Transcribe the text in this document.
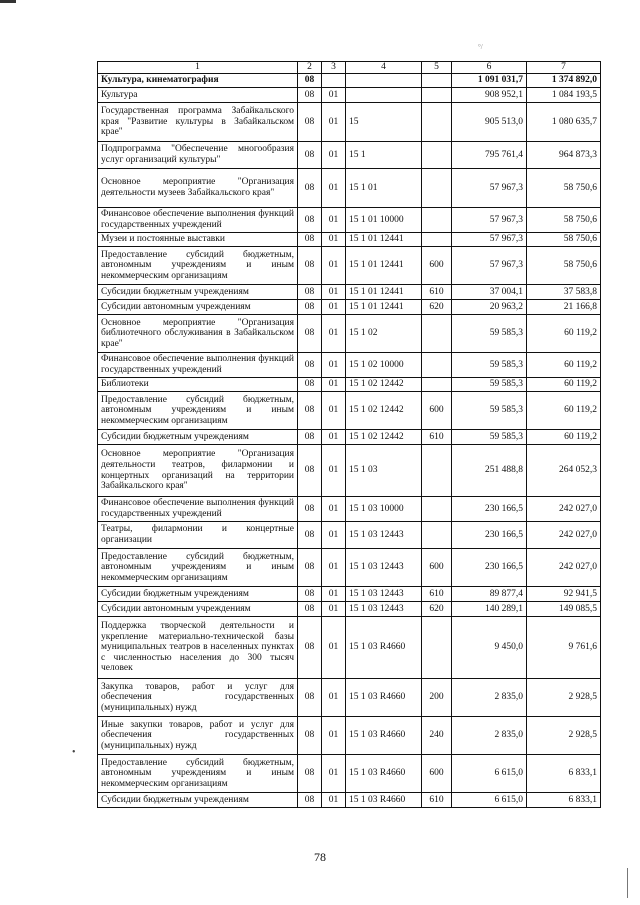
°/
1	2	3	4	5	6	7
Культура, кинематография	08				1 091 031,7	1 374 892,0
Культура	08	01			908 952,1	1 084 193,5
Государственная программа Забайкальского края "Развитие культуры в Забайкальском крае"	08	01	15		905 513,0	1 080 635,7
Подпрограмма "Обеспечение многообразия услуг организаций культуры"	08	01	15 1		795 761,4	964 873,3
Основное мероприятие "Организация деятельности музеев Забайкальского края"	08	01	15 1 01		57 967,3	58 750,6
Финансовое обеспечение выполнения функций государственных учреждений	08	01	15 1 01 10000		57 967,3	58 750,6
Музеи и постоянные выставки	08	01	15 1 01 12441		57 967,3	58 750,6
Предоставление субсидий бюджетным, автономным учреждениям и иным некоммерческим организациям	08	01	15 1 01 12441	600	57 967,3	58 750,6
Субсидии бюджетным учреждениям	08	01	15 1 01 12441	610	37 004,1	37 583,8
Субсидии автономным учреждениям	08	01	15 1 01 12441	620	20 963,2	21 166,8
Основное мероприятие "Организация библиотечного обслуживания в Забайкальском крае"	08	01	15 1 02		59 585,3	60 119,2
Финансовое обеспечение выполнения функций государственных учреждений	08	01	15 1 02 10000		59 585,3	60 119,2
Библиотеки	08	01	15 1 02 12442		59 585,3	60 119,2
Предоставление субсидий бюджетным, автономным учреждениям и иным некоммерческим организациям	08	01	15 1 02 12442	600	59 585,3	60 119,2
Субсидии бюджетным учреждениям	08	01	15 1 02 12442	610	59 585,3	60 119,2
Основное мероприятие "Организация деятельности театров, филармонии и концертных организаций на территории Забайкальского края"	08	01	15 1 03		251 488,8	264 052,3
Финансовое обеспечение выполнения функций государственных учреждений	08	01	15 1 03 10000		230 166,5	242 027,0
Театры, филармонии и концертные организации	08	01	15 1 03 12443		230 166,5	242 027,0
Предоставление субсидий бюджетным, автономным учреждениям и иным некоммерческим организациям	08	01	15 1 03 12443	600	230 166,5	242 027,0
Субсидии бюджетным учреждениям	08	01	15 1 03 12443	610	89 877,4	92 941,5
Субсидии автономным учреждениям	08	01	15 1 03 12443	620	140 289,1	149 085,5
Поддержка творческой деятельности и укрепление материально-технической базы муниципальных театров в населенных пунктах с численностью населения до 300 тысяч человек	08	01	15 1 03 R4660		9 450,0	9 761,6
Закупка товаров, работ и услуг для обеспечения государственных (муниципальных) нужд	08	01	15 1 03 R4660	200	2 835,0	2 928,5
Иные закупки товаров, работ и услуг для обеспечения государственных (муниципальных) нужд	08	01	15 1 03 R4660	240	2 835,0	2 928,5
Предоставление субсидий бюджетным, автономным учреждениям и иным некоммерческим организациям	08	01	15 1 03 R4660	600	6 615,0	6 833,1
Субсидии бюджетным учреждениям	08	01	15 1 03 R4660	610	6 615,0	6 833,1
•
78
